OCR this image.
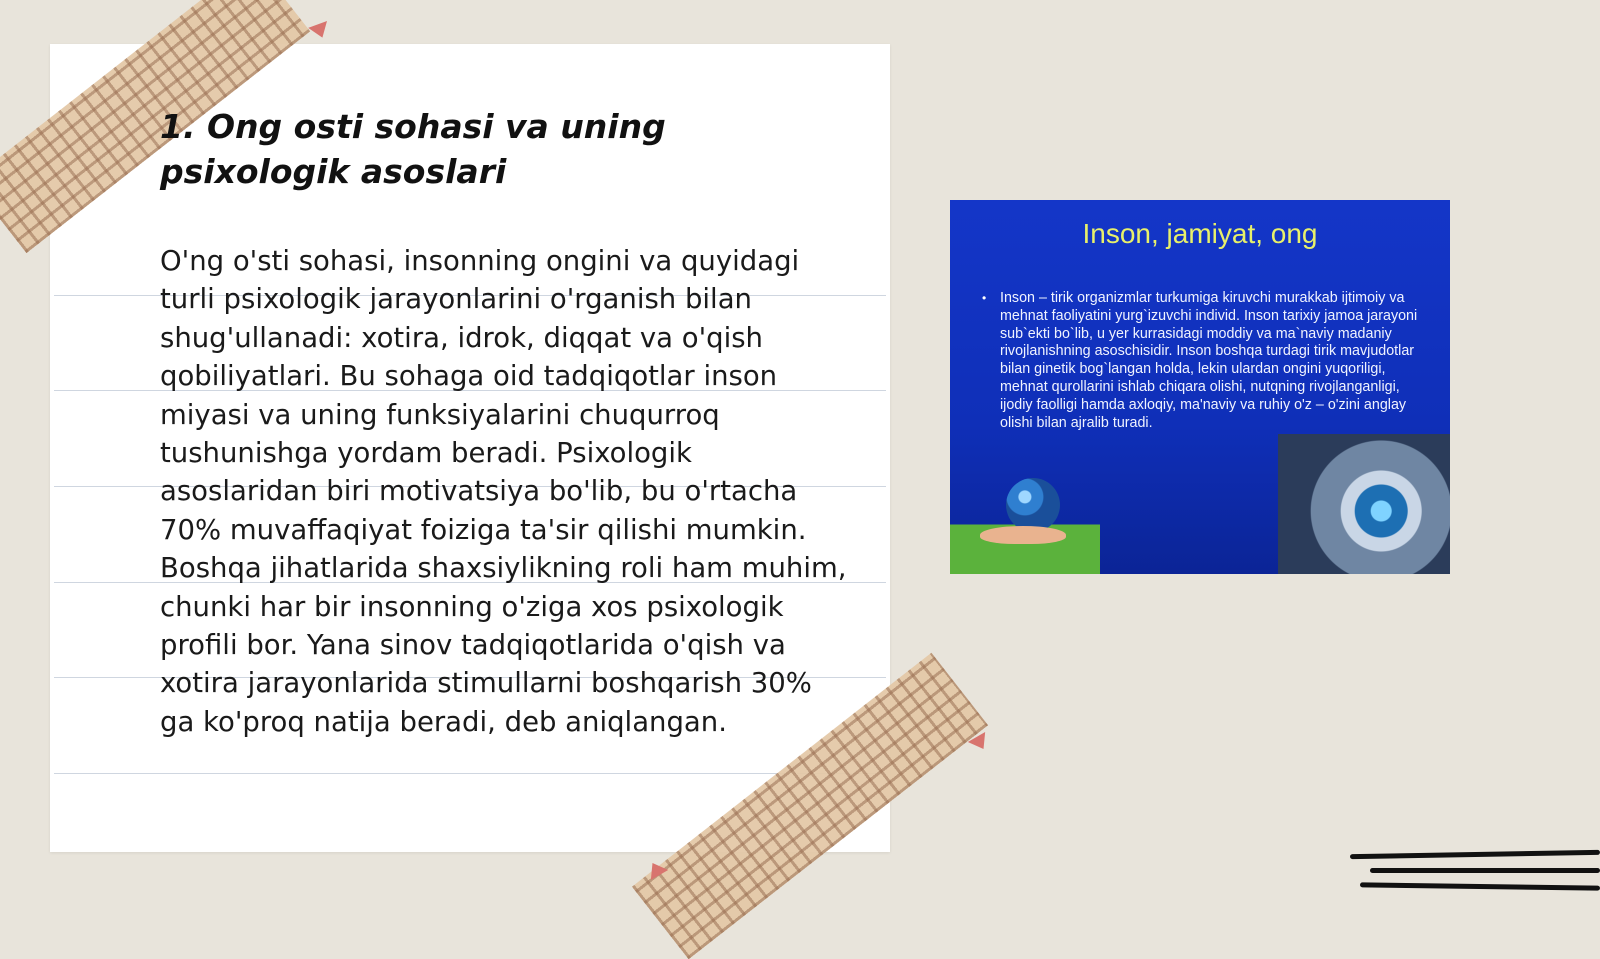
1. Ong osti sohasi va uning psixologik asoslari

O'ng o'sti sohasi, insonning ongini va quyidagi turli psixologik jarayonlarini o'rganish bilan shug'ullanadi: xotira, idrok, diqqat va o'qish qobiliyatlari. Bu sohaga oid tadqiqotlar inson miyasi va uning funksiyalarini chuqurroq tushunishga yordam beradi. Psixologik asoslaridan biri motivatsiya bo'lib, bu o'rtacha 70% muvaffaqiyat foiziga ta'sir qilishi mumkin. Boshqa jihatlarida shaxsiylikning roli ham muhim, chunki har bir insonning o'ziga xos psixologik profili bor. Yana sinov tadqiqotlarida o'qish va xotira jarayonlarida stimullarni boshqarish 30% ga ko'proq natija beradi, deb aniqlangan.

Inson, jamiyat, ong
• Inson – tirik organizmlar turkumiga kiruvchi murakkab ijtimoiy va mehnat faoliyatini yurg`izuvchi individ. Inson tarixiy jamoa jarayoni sub`ekti bo`lib, u yer kurrasidagi moddiy va ma`naviy madaniy rivojlanishning asoschisidir. Inson boshqa turdagi tirik mavjudotlar bilan ginetik bog`langan holda, lekin ulardan ongini yuqoriligi, mehnat qurollarini ishlab chiqara olishi, nutqning rivojlanganligi, ijodiy faolligi hamda axloqiy, ma'naviy va ruhiy o'z – o'zini anglay olishi bilan ajralib turadi.
